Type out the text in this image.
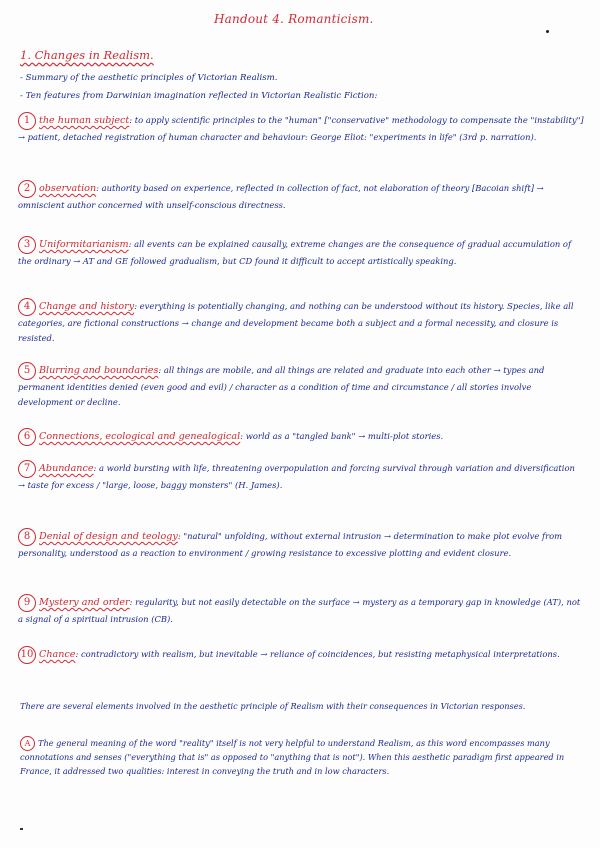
Handout 4. Romanticism.
1. Changes in Realism.
- Summary of the aesthetic principles of Victorian Realism.
- Ten features from Darwinian imagination reflected in Victorian Realistic Fiction:
1 the human subject: to apply scientific principles to the "human" ["conservative" methodology to compensate the "instability"] → patient, detached registration of human character and behaviour: George Eliot: "experiments in life" (3rd p. narration).
2 observation: authority based on experience, reflected in collection of fact, not elaboration of theory [Bacoian shift] → omniscient author concerned with unself-conscious directness.
3 Uniformitarianism: all events can be explained causally, extreme changes are the consequence of gradual accumulation of the ordinary → AT and GE followed gradualism, but CD found it difficult to accept artistically speaking.
4 Change and history: everything is potentially changing, and nothing can be understood without its history. Species, like all categories, are fictional constructions → change and development became both a subject and a formal necessity, and closure is resisted.
5 Blurring and boundaries: all things are mobile, and all things are related and graduate into each other → types and permanent identities denied (even good and evil) / character as a condition of time and circumstance / all stories involve development or decline.
6 Connections, ecological and genealogical: world as a "tangled bank" → multi-plot stories.
7 Abundance: a world bursting with life, threatening overpopulation and forcing survival through variation and diversification → taste for excess / "large, loose, baggy monsters" (H. James).
8 Denial of design and teology: "natural" unfolding, without external intrusion → determination to make plot evolve from personality, understood as a reaction to environment / growing resistance to excessive plotting and evident closure.
9 Mystery and order: regularity, but not easily detectable on the surface → mystery as a temporary gap in knowledge (AT), not a signal of a spiritual intrusion (CB).
10 Chance: contradictory with realism, but inevitable → reliance of coincidences, but resisting metaphysical interpretations.
There are several elements involved in the aesthetic principle of Realism with their consequences in Victorian responses.
A The general meaning of the word "reality" itself is not very helpful to understand Realism, as this word encompasses many connotations and senses ("everything that is" as opposed to "anything that is not"). When this aesthetic paradigm first appeared in France, it addressed two qualities: interest in conveying the truth and in low characters.
